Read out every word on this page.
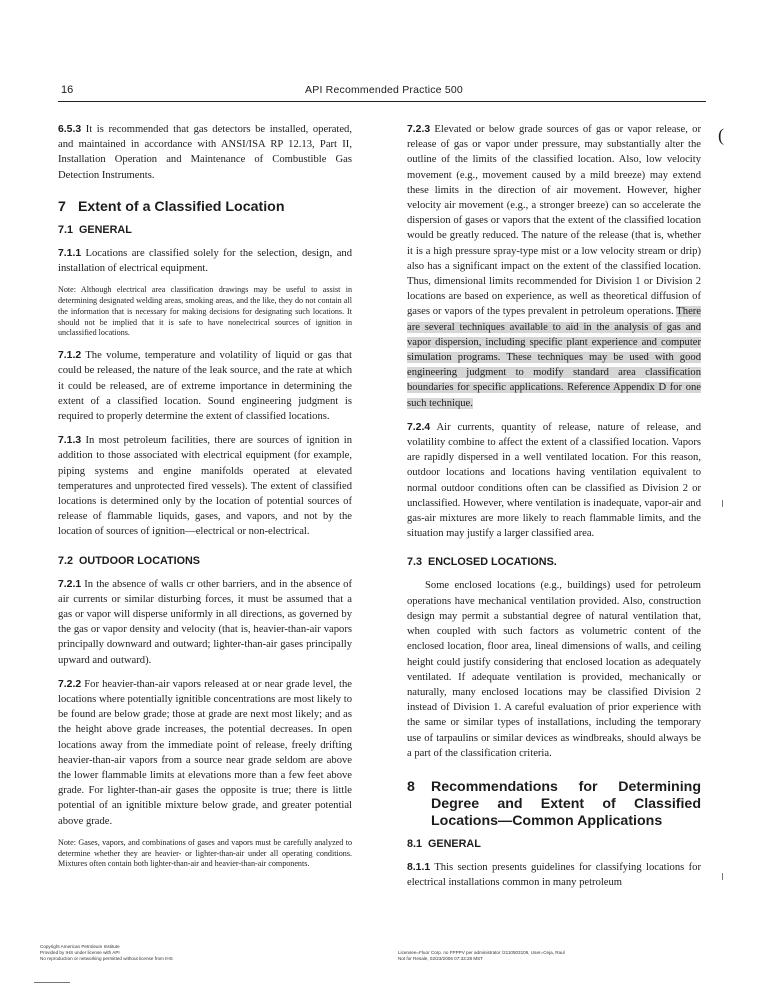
16	API Recommended Practice 500

6.5.3 It is recommended that gas detectors be installed, operated, and maintained in accordance with ANSI/ISA RP 12.13, Part II, Installation Operation and Maintenance of Combustible Gas Detection Instruments.

7 Extent of a Classified Location
7.1 GENERAL

7.1.1 Locations are classified solely for the selection, design, and installation of electrical equipment.

Note: Although electrical area classification drawings may be useful to assist in determining designated welding areas, smoking areas, and the like, they do not contain all the information that is necessary for making decisions for designating such locations. It should not be implied that it is safe to have nonelectrical sources of ignition in unclassified locations.

7.1.2 The volume, temperature and volatility of liquid or gas that could be released, the nature of the leak source, and the rate at which it could be released, are of extreme importance in determining the extent of a classified location. Sound engineering judgment is required to properly determine the extent of classified locations.

7.1.3 In most petroleum facilities, there are sources of ignition in addition to those associated with electrical equipment (for example, piping systems and engine manifolds operated at elevated temperatures and unprotected fired vessels). The extent of classified locations is determined only by the location of potential sources of release of flammable liquids, gases, and vapors, and not by the location of sources of ignition—electrical or non-electrical.

7.2 OUTDOOR LOCATIONS

7.2.1 In the absence of walls cr other barriers, and in the absence of air currents or similar disturbing forces, it must be assumed that a gas or vapor will disperse uniformly in all directions, as governed by the gas or vapor density and velocity (that is, heavier-than-air vapors principally downward and outward; lighter-than-air gases principally upward and outward).

7.2.2 For heavier-than-air vapors released at or near grade level, the locations where potentially ignitible concentrations are most likely to be found are below grade; those at grade are next most likely; and as the height above grade increases, the potential decreases. In open locations away from the immediate point of release, freely drifting heavier-than-air vapors from a source near grade seldom are above the lower flammable limits at elevations more than a few feet above grade. For lighter-than-air gases the opposite is true; there is little potential of an ignitible mixture below grade, and greater potential above grade.

Note: Gases, vapors, and combinations of gases and vapors must be carefully analyzed to determine whether they are heavier- or lighter-than-air under all operating conditions. Mixtures often contain both lighter-than-air and heavier-than-air components.

7.2.3 Elevated or below grade sources of gas or vapor release, or release of gas or vapor under pressure, may substantially alter the outline of the limits of the classified location. Also, low velocity movement (e.g., movement caused by a mild breeze) may extend these limits in the direction of air movement. However, higher velocity air movement (e.g., a stronger breeze) can so accelerate the dispersion of gases or vapors that the extent of the classified location would be greatly reduced. The nature of the release (that is, whether it is a high pressure spray-type mist or a low velocity stream or drip) also has a significant impact on the extent of the classified location. Thus, dimensional limits recommended for Division 1 or Division 2 locations are based on experience, as well as theoretical diffusion of gases or vapors of the types prevalent in petroleum operations. There are several techniques available to aid in the analysis of gas and vapor dispersion, including specific plant experience and computer simulation programs. These techniques may be used with good engineering judgment to modify standard area classification boundaries for specific applications. Reference Appendix D for one such technique.

7.2.4 Air currents, quantity of release, nature of release, and volatility combine to affect the extent of a classified location. Vapors are rapidly dispersed in a well ventilated location. For this reason, outdoor locations and locations having ventilation equivalent to normal outdoor conditions often can be classified as Division 2 or unclassified. However, where ventilation is inadequate, vapor-air and gas-air mixtures are more likely to reach flammable limits, and the situation may justify a larger classified area.

7.3 ENCLOSED LOCATIONS.

Some enclosed locations (e.g., buildings) used for petroleum operations have mechanical ventilation provided. Also, construction design may permit a substantial degree of natural ventilation that, when coupled with such factors as volumetric content of the enclosed location, floor area, lineal dimensions of walls, and ceiling height could justify considering that enclosed location as adequately ventilated. If adequate ventilation is provided, mechanically or naturally, many enclosed locations may be classified Division 2 instead of Division 1. A careful evaluation of prior experience with the same or similar types of installations, including the temporary use of tarpaulins or similar devices as windbreaks, should always be a part of the classification criteria.

8	Recommendations for Determining Degree and Extent of Classified Locations—Common Applications
8.1 GENERAL

8.1.1 This section presents guidelines for classifying locations for electrical installations common in many petroleum

(
Copyright American Petroleum Institute
Provided by IHS under license with API
No reproduction or networking permitted without license from IHS
Licensee=Fluor Corp. no FPPPV per administrator /2110503106, User=Ceja, Raul
Not for Resale, 02/23/2006 07:33:28 MST
